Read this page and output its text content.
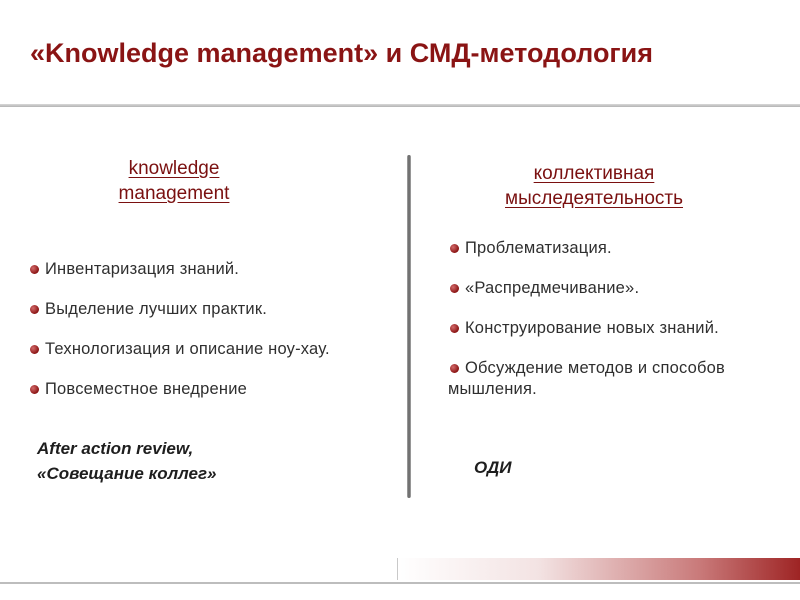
«Knowledge management» и СМД-методология
knowledge
management
коллективная
мыследеятельность
Инвентаризация знаний.
Выделение лучших практик.
Технологизация и описание ноу-хау.
Повсеместное внедрение
Проблематизация.
«Распредмечивание».
Конструирование новых знаний.
Обсуждение методов и способов
мышления.
After action review,
«Совещание коллег»	ОДИ
